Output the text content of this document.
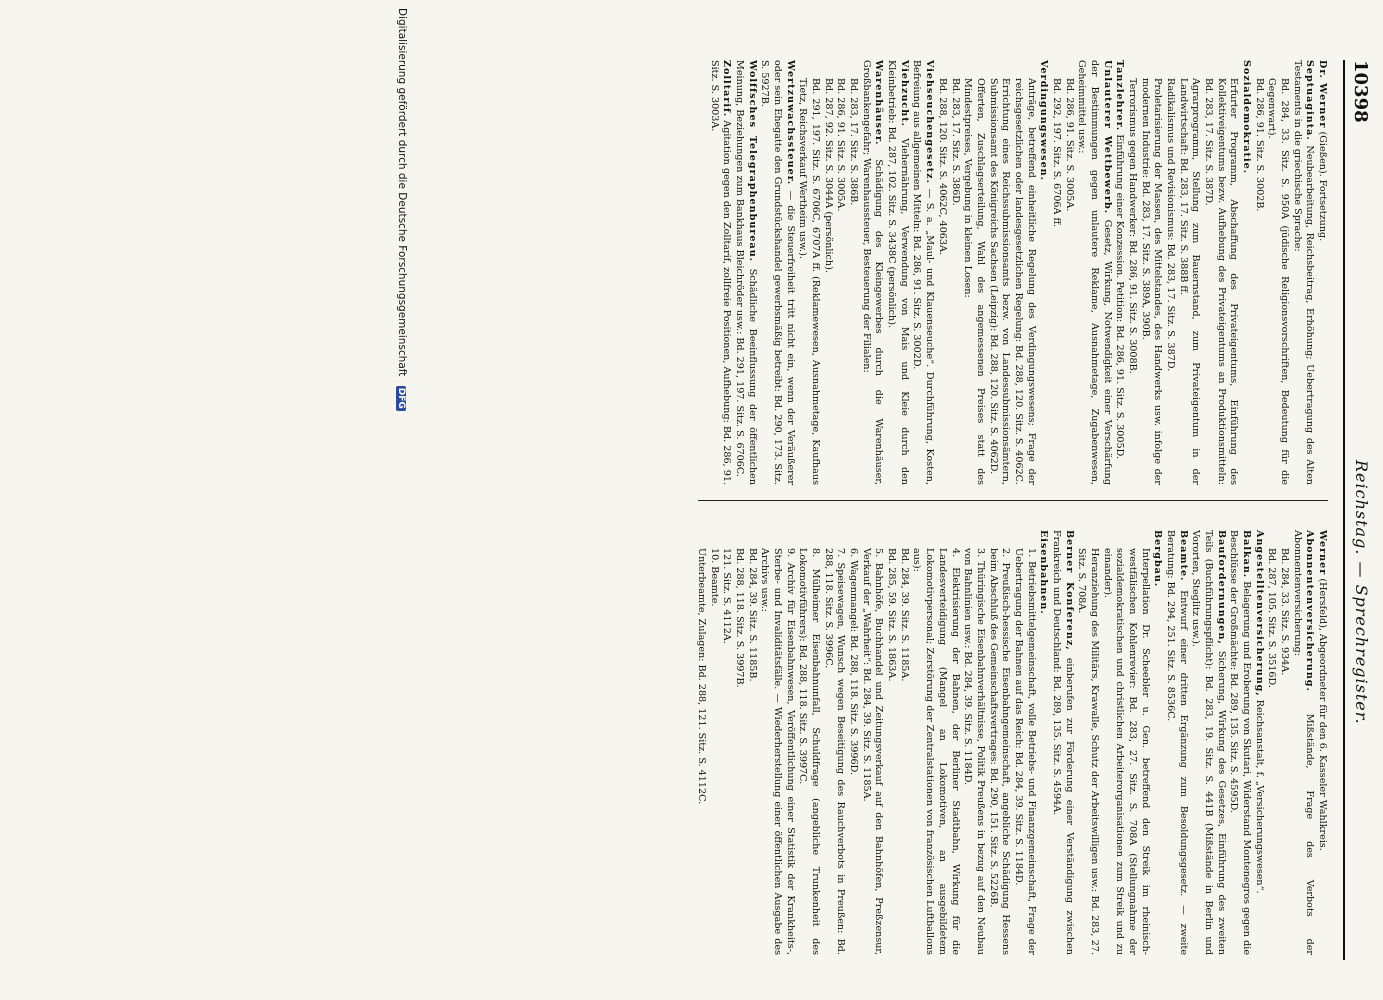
10398
Reichstag. — Sprechregister.

Dr. Werner (Gießen). Fortsetzung.

Septuaginta. Neubearbeitung, Reichsbeitrag, Erhöhung; Uebertragung des Alten Testaments in die griechische Sprache:

Bd. 284, 33. Sitz. S. 950A (jüdische Religionsvorschriften, Bedeutung für die Gegenwart).

Bd. 286, 91. Sitz. S. 3002B.

Sozialdemokratie.

Erfurter Programm, Abschaffung des Privateigentums, Einführung des Kollektiveigentums bezw. Aufhebung des Privateigentums an Produktionsmitteln: Bd. 283, 17. Sitz. S. 387D.

Agrarprogramm, Stellung zum Bauernstand, zum Privateigentum in der Landwirtschaft: Bd. 283, 17. Sitz. S. 388B ff.

Radikalismus und Revisionismus: Bd. 283, 17. Sitz. S. 387D.

Proletarisierung der Massen, des Mittelstandes, des Handwerks usw. infolge der modernen Industrie: Bd. 283, 17. Sitz. S. 389A, 390B.

Terrorismus gegen Handwerker: Bd. 286, 91. Sitz. S. 3008B.

Tanzlehrer. Einführung einer Konzession. Petition: Bd. 286, 91. Sitz. S. 3005D.

Unlauterer Wettbewerb. Gesetz, Wirkung, Notwendigkeit einer Verschärfung der Bestimmungen gegen unlautere Reklame, Ausnahmetage, Zugabenwesen, Geheimmittel usw.:

Bd. 286, 91. Sitz. S. 3005A.

Bd. 292, 197. Sitz. S. 6706A ff.

Verdingungswesen.

Anträge, betreffend einheitliche Regelung des Verdingungswesens; Frage der reichsgesetzlichen oder landesgesetzlichen Regelung: Bd. 288, 120. Sitz. S. 4062C.

Errichtung eines Reichssubmissionsamts bezw. von Landessubmissionsämtern, Submissionsamt des Königreichs Sachsen (Leipzig): Bd. 288, 120. Sitz. S. 4062D.

Offerten, Zuschlagserteilung, Wahl des angemessenen Preises statt des Mindestpreises, Vergebung in kleinen Losen:

Bd. 283, 17. Sitz. S. 386D.

Bd. 288, 120. Sitz. S. 4062C, 4063A.

Viehseuchengesetz. — S. a. „Maul- und Klauenseuche“. Durchführung, Kosten, Befreiung aus allgemeinen Mitteln: Bd. 286, 91. Sitz. S. 3002D.

Viehzucht. Viehernährung, Verwendung von Mais und Kleie durch den Kleinbetrieb: Bd. 287, 102. Sitz. S. 3438C (persönlich).

Warenhäuser. Schädigung des Kleingewerbes durch die Warenhäuser, Großbankengefahr; Warenhaussteuer, Besteuerung der Filialen:

Bd. 283, 17. Sitz. S. 386B.

Bd. 286, 91. Sitz. S. 3005A.

Bd. 287, 92. Sitz. S. 3044A (persönlich).

Bd. 291, 197. Sitz. S. 6706C, 6707A ff. (Reklamewesen, Ausnahmetage, Kaufhaus Tietz, Reichsverkauf Wertheim usw.).

Wertzuwachssteuer. — die Steuerfreiheit tritt nicht ein, wenn der Veräußerer oder sein Ehegatte den Grundstückshandel gewerbsmäßig betreibt: Bd. 290, 173. Sitz. S. 5927B.

Wolffsches Telegraphenbureau. Schädliche Beeinflussung der öffentlichen Meinung, Beziehungen zum Bankhaus Bleichröder usw.: Bd. 291, 197. Sitz. S. 6706C.

Zolltarif. Agitation gegen den Zolltarif, zollfreie Positionen, Aufhebung: Bd. 286, 91. Sitz. S. 3003A.

Werner (Hersfeld), Abgeordneter für den 6. Kasseler Wahlkreis.

Abonnentenversicherung. Mißstände, Frage des Verbots der Abonnentenversicherung:

Bd. 284, 33. Sitz. S. 934A.

Bd. 287, 105. Sitz. S. 3516D.

Angestelltenversicherung, Reichsanstalt, f. „Versicherungswesen“.

Balkan. Belagerung und Eroberung von Skutari, Widerstand Montenegros gegen die Beschlüsse der Großmächte: Bd. 289, 135. Sitz. S. 4595D.

Baufordernungen, Sicherung, Wirkung des Gesetzes, Einführung des zweiten Teils (Buchführungspflicht): Bd. 283, 19. Sitz. S. 441B (Mißstände in Berlin und Vororten, Steglitz usw.).

Beamte. Entwurf einer dritten Ergänzung zum Besoldungsgesetz. — zweite Beratung: Bd. 294, 251. Sitz. S. 8536C.

Bergbau.

Interpellation Dr. Scheebler u. Gen. betreffend den Streik im rheinisch-westfälischen Kohlenrevier: Bd. 283, 27. Sitz. S. 708A (Stellungnahme der sozialdemokratischen und christlichen Arbeiterorganisationen zum Streik und zu einander).

Heranziehung des Militärs, Krawalle, Schutz der Arbeitswilligen usw.: Bd. 283, 27. Sitz. S. 708A.

Berner Konferenz, einberufen zur Förderung einer Verständigung zwischen Frankreich und Deutschland: Bd. 289, 135. Sitz. S. 4594A.

Eisenbahnen.

1. Betriebsmittelgemeinschaft, volle Betriebs- und Finanzgemeinschaft, Frage der Uebertragung der Bahnen auf das Reich: Bd. 284, 39. Sitz. S. 1184D.

2. Preußisch-hessische Eisenbahngemeinschaft, angebliche Schädigung Hessens beim Abschluß des Gemeinschaftsvertrages: Bd. 290, 151. Sitz. S. 5226B.

3. Thüringische Eisenbahnverhältnisse, Politik Preußens in bezug auf den Neubau von Bahnlinien usw.: Bd. 284, 39. Sitz. S. 1184D.

4. Elektrisierung der Bahnen, der Berliner Stadtbahn, Wirkung für die Landesverteidigung (Mangel an Lokomotiven, an ausgebildetem Lokomotivpersonal; Zerstörung der Zentralstationen von französischen Luftballons aus):

Bd. 284, 39. Sitz. S. 1185A.

Bd. 285, 59. Sitz. S. 1863A.

5. Bahnhöfe, Buchhandel und Zeitungsverkauf auf den Bahnhöfen, Preßzensur, Verkauf der „Wahrheit“: Bd. 284, 39. Sitz. S. 1185A.

6. Wagenmangel: Bd. 288, 118. Sitz. S. 3996D.

7. Speisewagen, Wunsch wegen Beseitigung des Rauchverbots in Preußen: Bd. 288, 118. Sitz. S. 3996C.

8. Mülheimer Eisenbahnunfall, Schuldfrage (angebliche Trunkenheit des Lokomotivführers): Bd. 288, 118. Sitz. S. 3997C.

9. Archiv für Eisenbahnwesen, Veröffentlichung einer Statistik der Krankheits-, Sterbe- und Invaliditätsfälle. — Wiederherstellung einer öffentlichen Ausgabe des Archivs usw.:

Bd. 284, 39. Sitz. S. 1185B.

Bd. 288, 118. Sitz. S. 3997B.

121. Sitz. S. 4112A.

10. Beamte.

Unterbeamte, Zulagen: Bd. 288, 121. Sitz. S. 4112C.

Digitalisierung gefördert durch die Deutsche Forschungsgemeinschaft DFG
